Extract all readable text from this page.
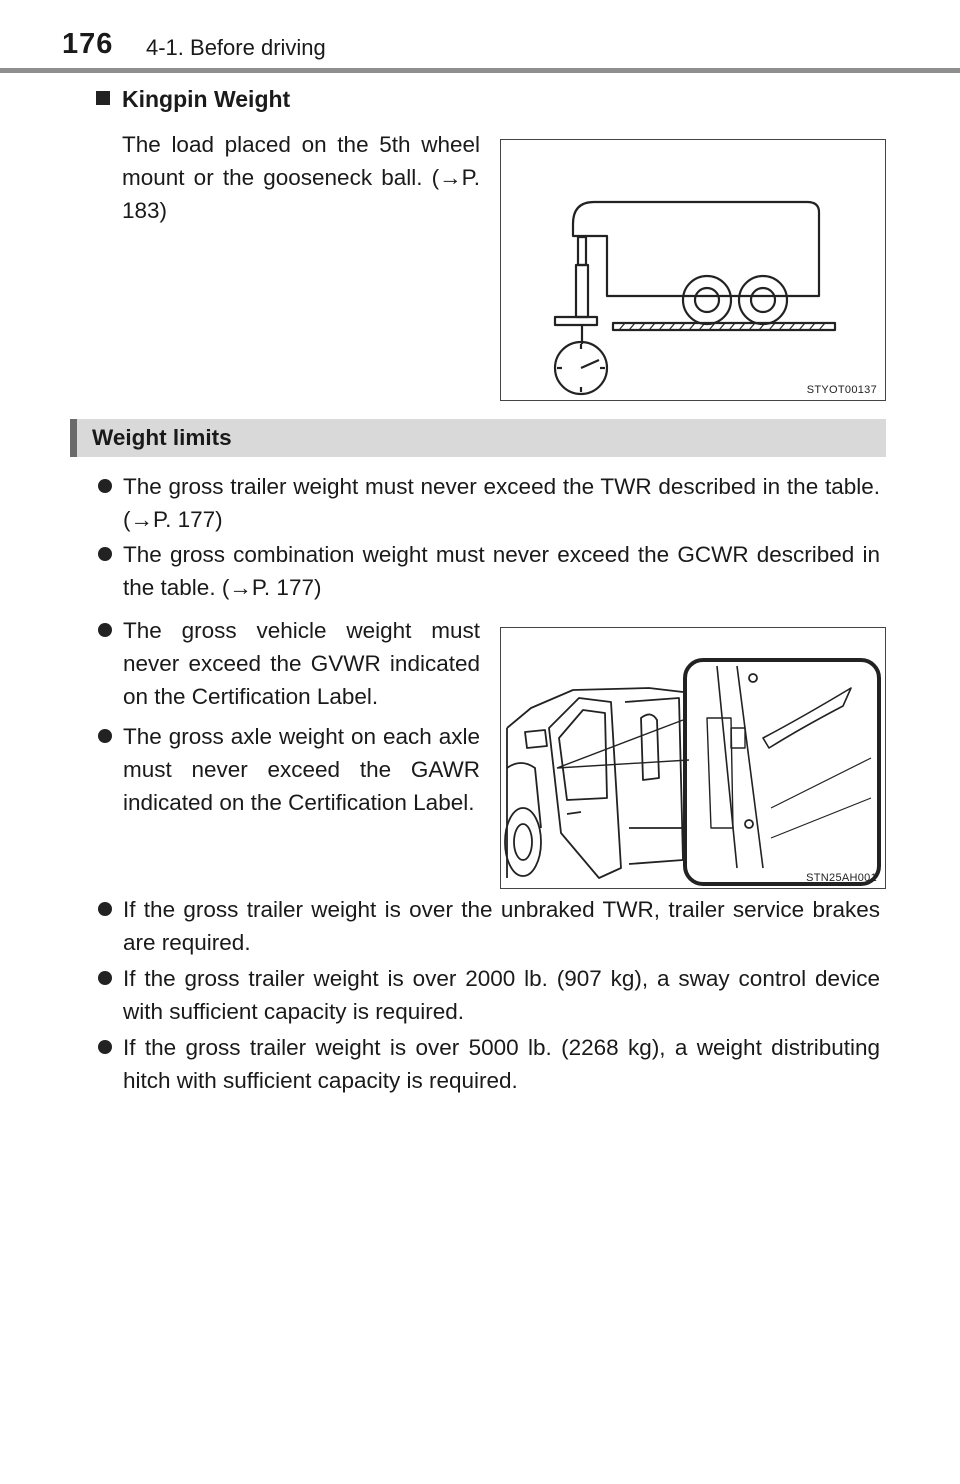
176 4-1. Before driving
Kingpin Weight
The load placed on the 5th wheel mount or the gooseneck ball. (→P. 183)
STYOT00137
Weight limits
The gross trailer weight must never exceed the TWR described in the table. (→P. 177)
The gross combination weight must never exceed the GCWR described in the table. (→P. 177)
The gross vehicle weight must never exceed the GVWR indicated on the Certification Label.
The gross axle weight on each axle must never exceed the GAWR indicated on the Certification Label.
STN25AH001
If the gross trailer weight is over the unbraked TWR, trailer service brakes are required.
If the gross trailer weight is over 2000 lb. (907 kg), a sway control device with sufficient capacity is required.
If the gross trailer weight is over 5000 lb. (2268 kg), a weight distributing hitch with sufficient capacity is required.
